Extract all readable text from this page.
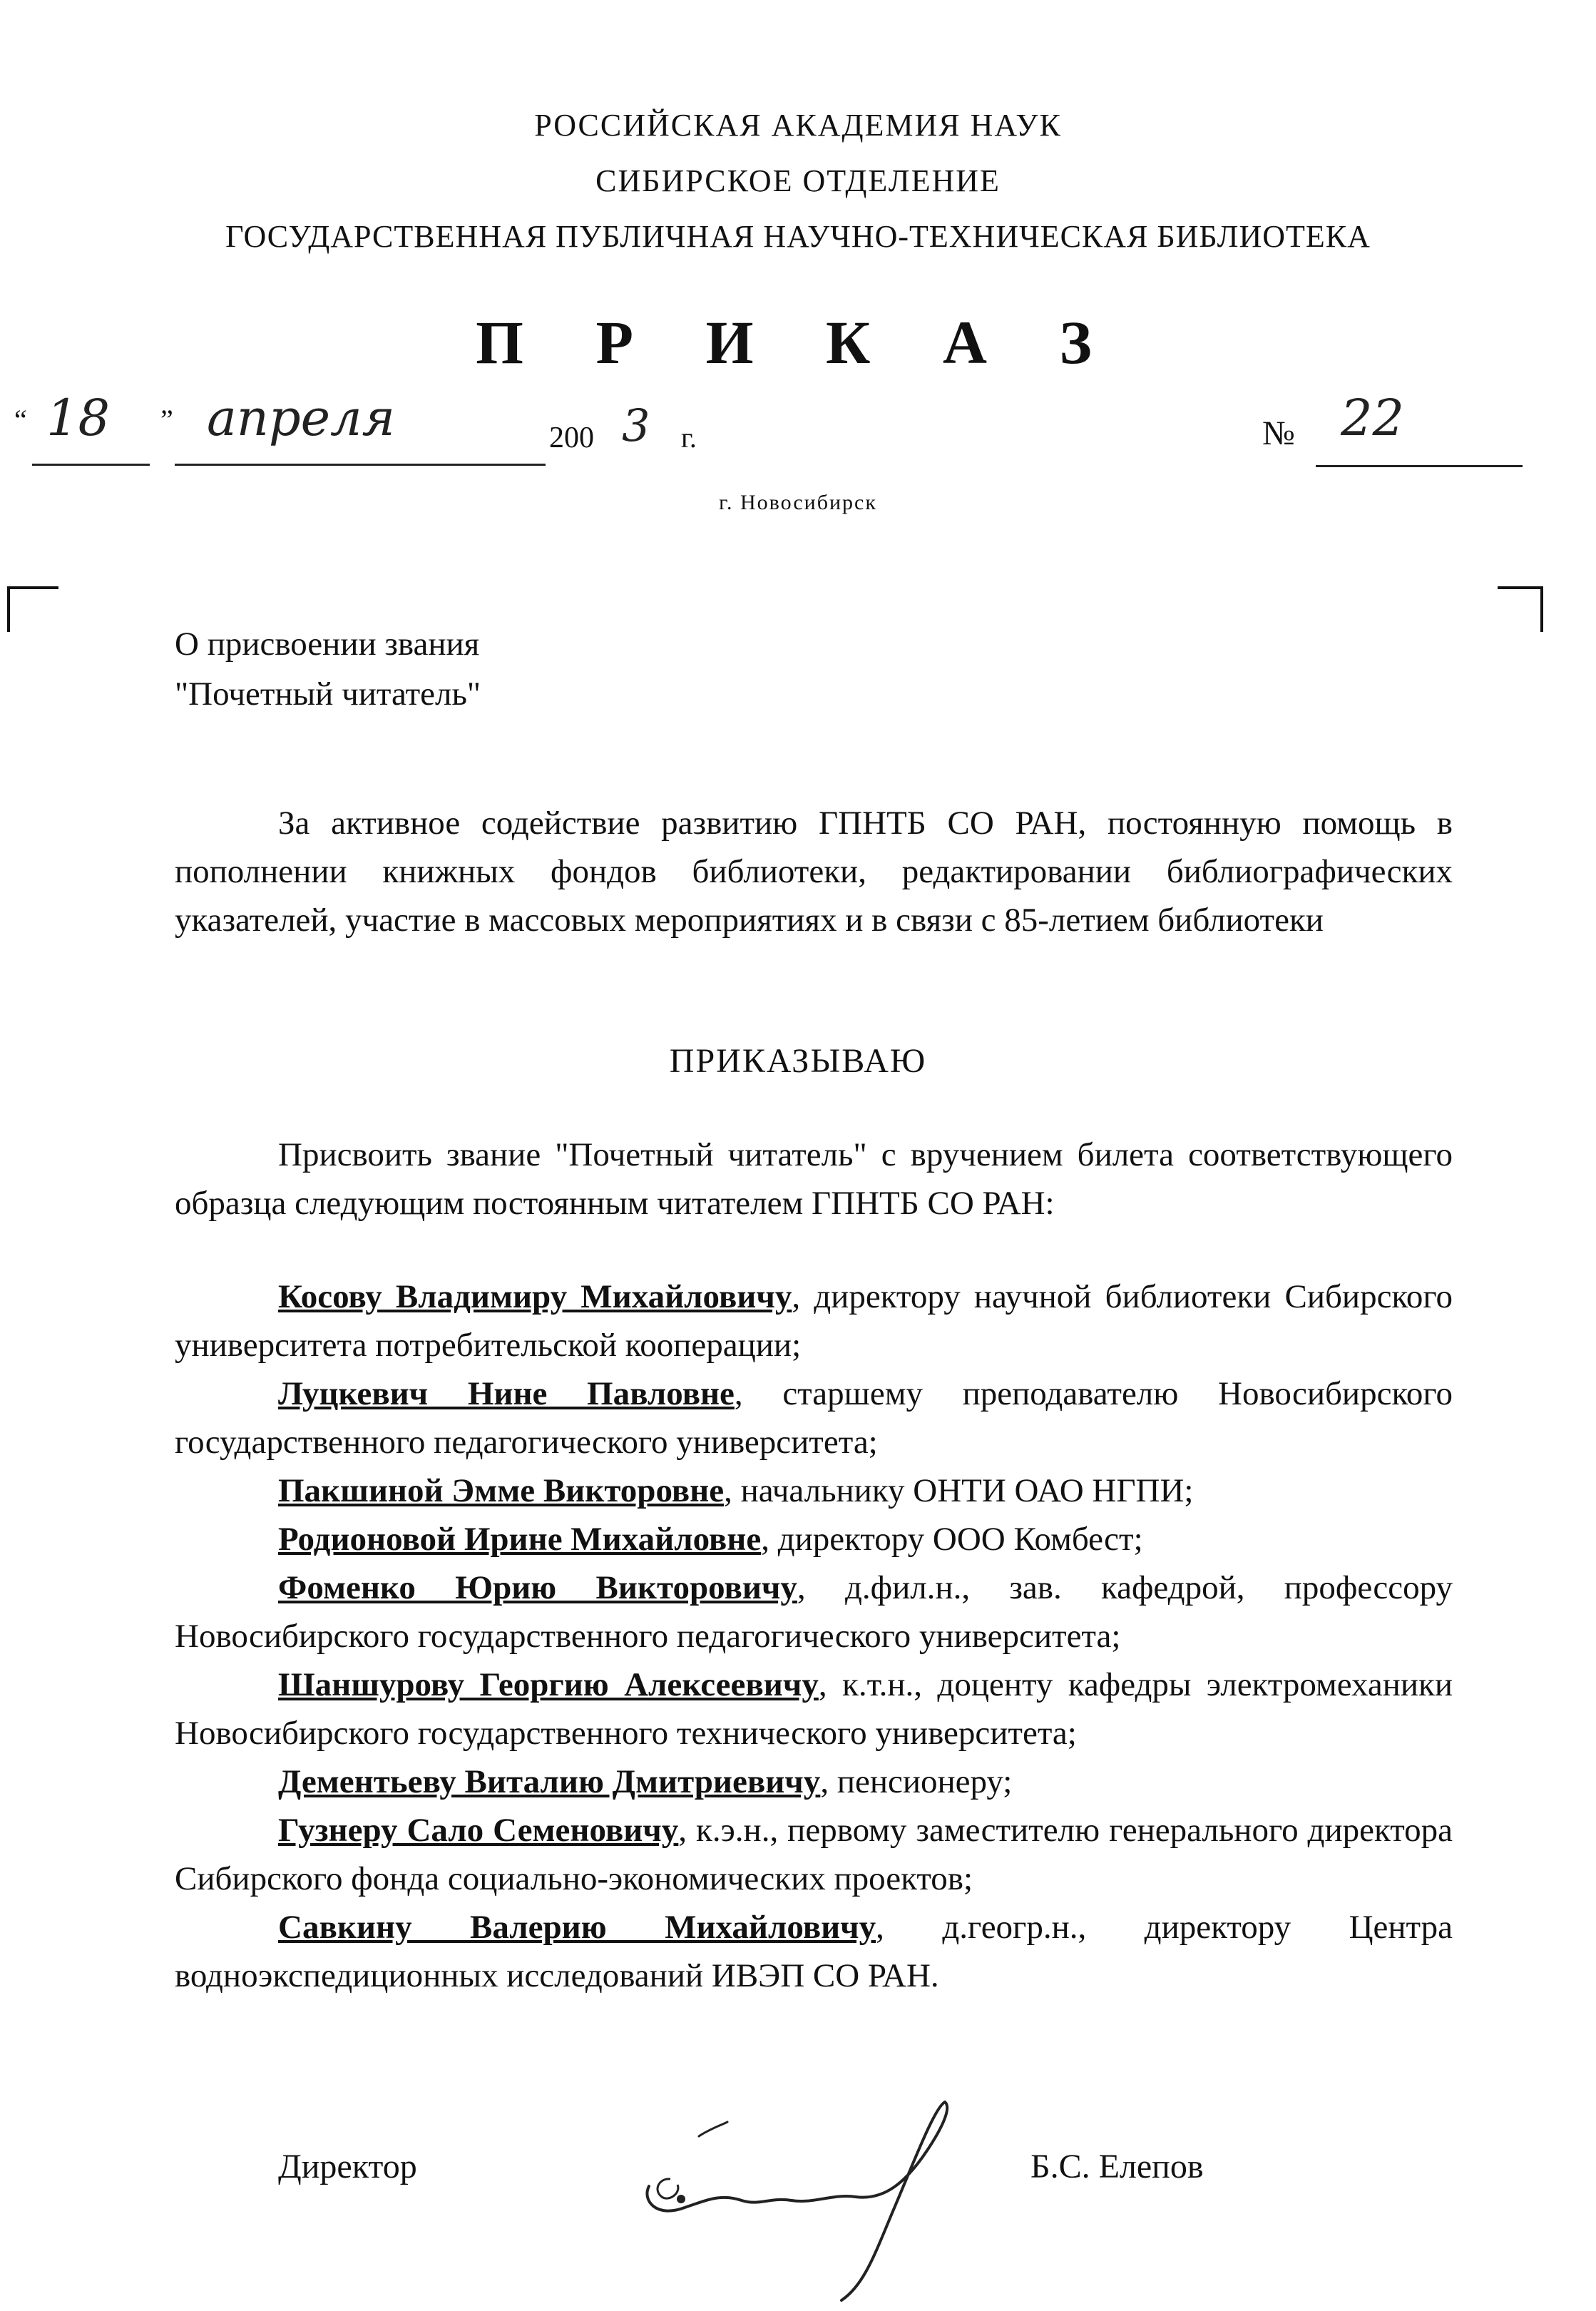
РОССИЙСКАЯ АКАДЕМИЯ НАУК
СИБИРСКОЕ ОТДЕЛЕНИЕ
ГОСУДАРСТВЕННАЯ ПУБЛИЧНАЯ НАУЧНО-ТЕХНИЧЕСКАЯ БИБЛИОТЕКА
П Р И К А З
“ 18 ” апреля	200 3 г.	№ 22
г. Новосибирск
О присвоении звания
"Почетный читатель"

За активное содействие развитию ГПНТБ СО РАН, постоянную помощь в пополнении книжных фондов библиотеки, редактировании библиографических указателей, участие в массовых мероприятиях и в связи с 85-летием библиотеки

ПРИКАЗЫВАЮ

Присвоить звание "Почетный читатель" с вручением билета соответствующего образца следующим постоянным читателем ГПНТБ СО РАН:

Косову Владимиру Михайловичу, директору научной библиотеки Сибирского университета потребительской кооперации;

Луцкевич Нине Павловне, старшему преподавателю Новосибирского государственного педагогического университета;

Пакшиной Эмме Викторовне, начальнику ОНТИ ОАО НГПИ;

Родионовой Ирине Михайловне, директору ООО Комбест;

Фоменко Юрию Викторовичу, д.фил.н., зав. кафедрой, профессору Новосибирского государственного педагогического университета;

Шаншурову Георгию Алексеевичу, к.т.н., доценту кафедры электромеханики Новосибирского государственного технического университета;

Дементьеву Виталию Дмитриевичу, пенсионеру;

Гузнеру Сало Семеновичу, к.э.н., первому заместителю генерального директора Сибирского фонда социально-экономических проектов;

Савкину Валерию Михайловичу, д.геогр.н., директору Центра водноэкспедиционных исследований ИВЭП СО РАН.

Директор	Б.С. Елепов
